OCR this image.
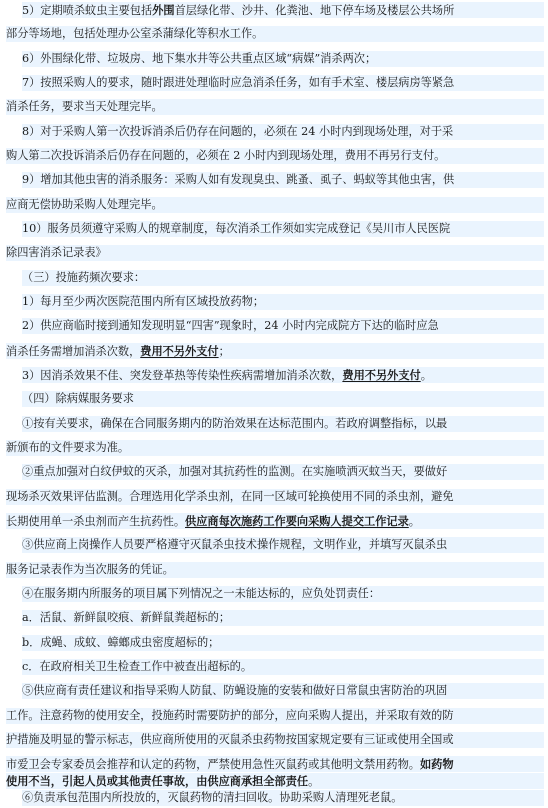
5）定期喷杀蚊虫主要包括外围首层绿化带、沙井、化粪池、地下停车场及楼层公共场所
部分等场地，包括处理办公室杀蒲绿化等积水工作。
6）外围绿化带、垃圾房、地下集水井等公共重点区域“病媒”消杀两次；
7）按照采购人的要求，随时跟进处理临时应急消杀任务，如有手术室、楼层病房等紧急
消杀任务，要求当天处理完毕。
8）对于采购人第一次投诉消杀后仍存在问题的，必须在 24 小时内到现场处理，对于采
购人第二次投诉消杀后仍存在问题的，必须在 2 小时内到现场处理，费用不再另行支付。
9）增加其他虫害的消杀服务：采购人如有发现臭虫、跳蚤、虱子、蚂蚁等其他虫害，供
应商无偿协助采购人处理完毕。
10）服务员须遵守采购人的规章制度，每次消杀工作须如实完成登记《吴川市人民医院
除四害消杀记录表》
（三）投施药频次要求：
1）每月至少两次医院范围内所有区域投放药物；
2）供应商临时接到通知发现明显“四害”现象时，24 小时内完成院方下达的临时应急
消杀任务需增加消杀次数，费用不另外支付；
3）因消杀效果不佳、突发登革热等传染性疾病需增加消杀次数，费用不另外支付。
（四）除病媒服务要求
①按有关要求，确保在合同服务期内的防治效果在达标范围内。若政府调整指标，以最
新颁布的文件要求为准。
②重点加强对白纹伊蚊的灭杀，加强对其抗药性的监测。在实施喷洒灭蚊当天，要做好
现场杀灭效果评估监测。合理选用化学杀虫剂，在同一区域可轮换使用不同的杀虫剂，避免
长期使用单一杀虫剂而产生抗药性。供应商每次施药工作要向采购人提交工作记录。
③供应商上岗操作人员要严格遵守灭鼠杀虫技术操作规程，文明作业，并填写灭鼠杀虫
服务记录表作为当次服务的凭证。
④在服务期内所服务的项目属下列情况之一未能达标的，应负处罚责任：
a．活鼠、新鲜鼠咬痕、新鲜鼠粪超标的；
b．成蝇、成蚊、蟑螂成虫密度超标的；
c．在政府相关卫生检查工作中被查出超标的。
⑤供应商有责任建议和指导采购人防鼠、防蝇设施的安装和做好日常鼠虫害防治的巩固
工作。注意药物的使用安全，投施药时需要防护的部分，应向采购人提出，并采取有效的防
护措施及明显的警示标志，供应商所使用的灭鼠杀虫药物按国家规定要有三证或使用全国或
市爱卫会专家委员会推荐和认定的药物，严禁使用急性灭鼠药或其他明文禁用药物。如药物
使用不当，引起人员或其他责任事故，由供应商承担全部责任。
⑥负责承包范围内所投放的，灭鼠药物的清扫回收。协助采购人清理死老鼠。
